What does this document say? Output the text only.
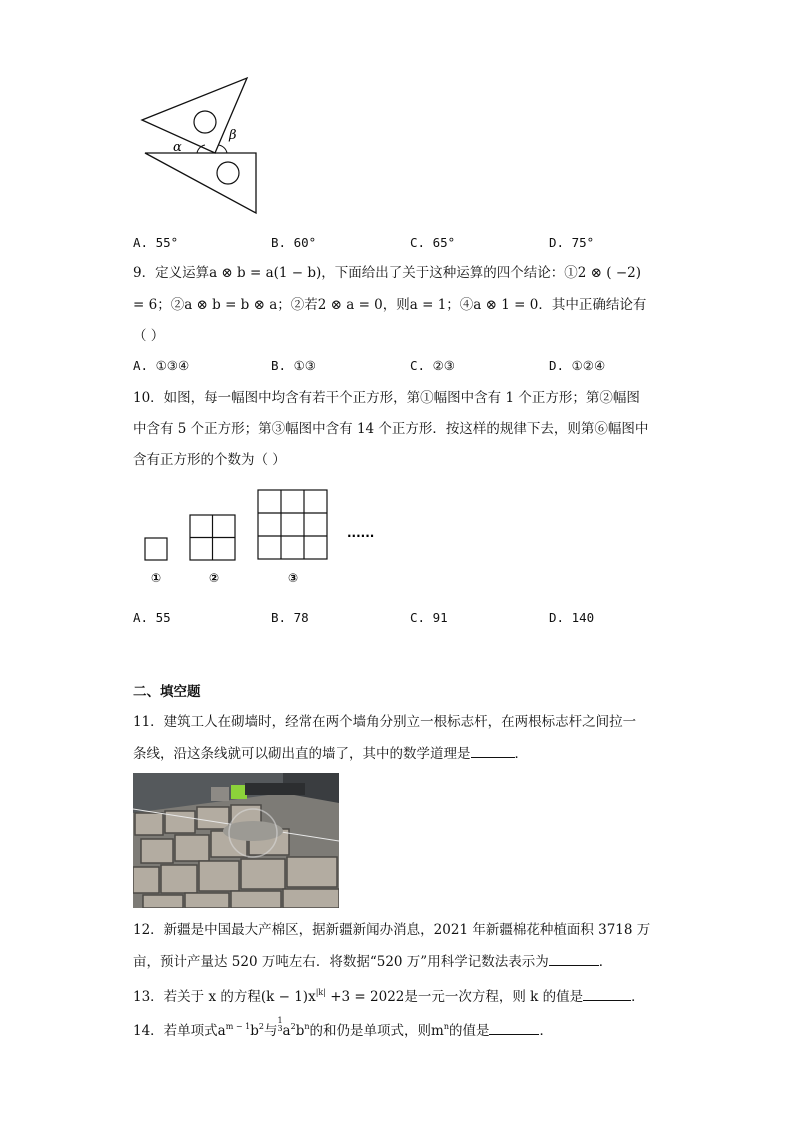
α
β
A. 55°	B. 60°	C. 65°	D. 75°
9．定义运算a ⊗ b = a(1 − b)，下面给出了关于这种运算的四个结论：①2 ⊗ ( −2)
= 6；②a ⊗ b = b ⊗ a；②若2 ⊗ a = 0，则a = 1；④a ⊗ 1 = 0．其中正确结论有
（ ）
A. ①③④	B. ①③	C. ②③	D. ①②④
10．如图，每一幅图中均含有若干个正方形，第①幅图中含有 1 个正方形；第②幅图
中含有 5 个正方形；第③幅图中含有 14 个正方形．按这样的规律下去，则第⑥幅图中
含有正方形的个数为（ ）
······
①	②	③
A. 55	B. 78	C. 91	D. 140
二、填空题
11．建筑工人在砌墙时，经常在两个墙角分别立一根标志杆，在两根标志杆之间拉一
条线，沿这条线就可以砌出直的墙了，其中的数学道理是	．
12．新疆是中国最大产棉区，据新疆新闻办消息，2021 年新疆棉花种植面积 3718 万
亩，预计产量达 520 万吨左右．将数据“520 万”用科学记数法表示为	．
13．若关于 x 的方程$(k - 1)x^{|k|} +3 = 2022$是一元一次方程，则 k 的值是	．
14．若单项式$a^{m - 1}b^2$与1
$3a^2b^n$的和仍是单项式，则$m^n$的值是	．
